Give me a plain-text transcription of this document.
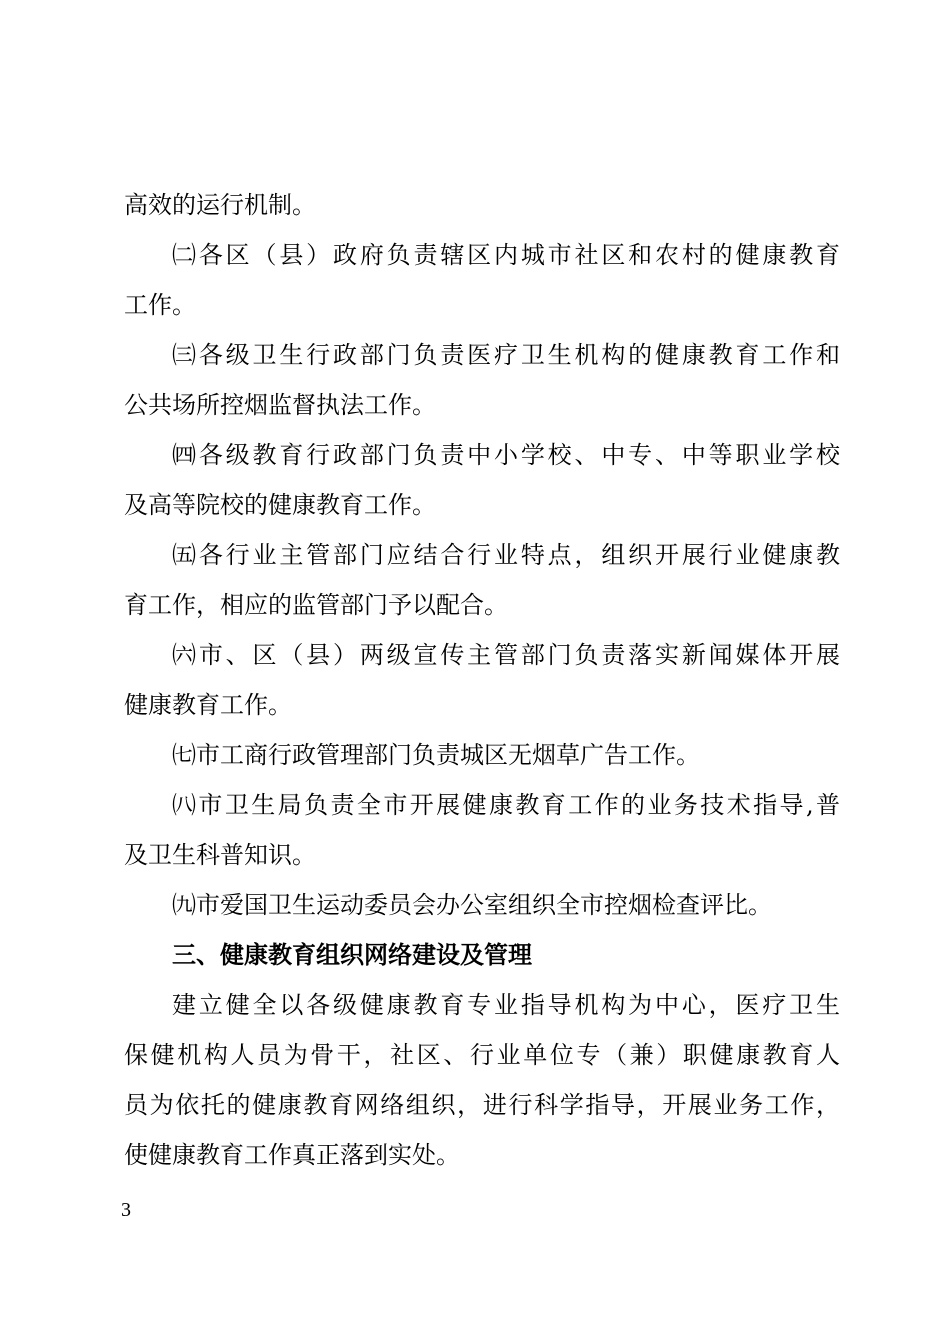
高效的运行机制。
㈡各区（县）政府负责辖区内城市社区和农村的健康教育
工作。
㈢各级卫生行政部门负责医疗卫生机构的健康教育工作和
公共场所控烟监督执法工作。
㈣各级教育行政部门负责中小学校、中专、中等职业学校
及高等院校的健康教育工作。
㈤各行业主管部门应结合行业特点，组织开展行业健康教
育工作，相应的监管部门予以配合。
㈥市、区（县）两级宣传主管部门负责落实新闻媒体开展
健康教育工作。
㈦市工商行政管理部门负责城区无烟草广告工作。
㈧市卫生局负责全市开展健康教育工作的业务技术指导,普
及卫生科普知识。
㈨市爱国卫生运动委员会办公室组织全市控烟检查评比。
三、健康教育组织网络建设及管理
建立健全以各级健康教育专业指导机构为中心，医疗卫生
保健机构人员为骨干，社区、行业单位专（兼）职健康教育人
员为依托的健康教育网络组织，进行科学指导，开展业务工作，
使健康教育工作真正落到实处。
3
